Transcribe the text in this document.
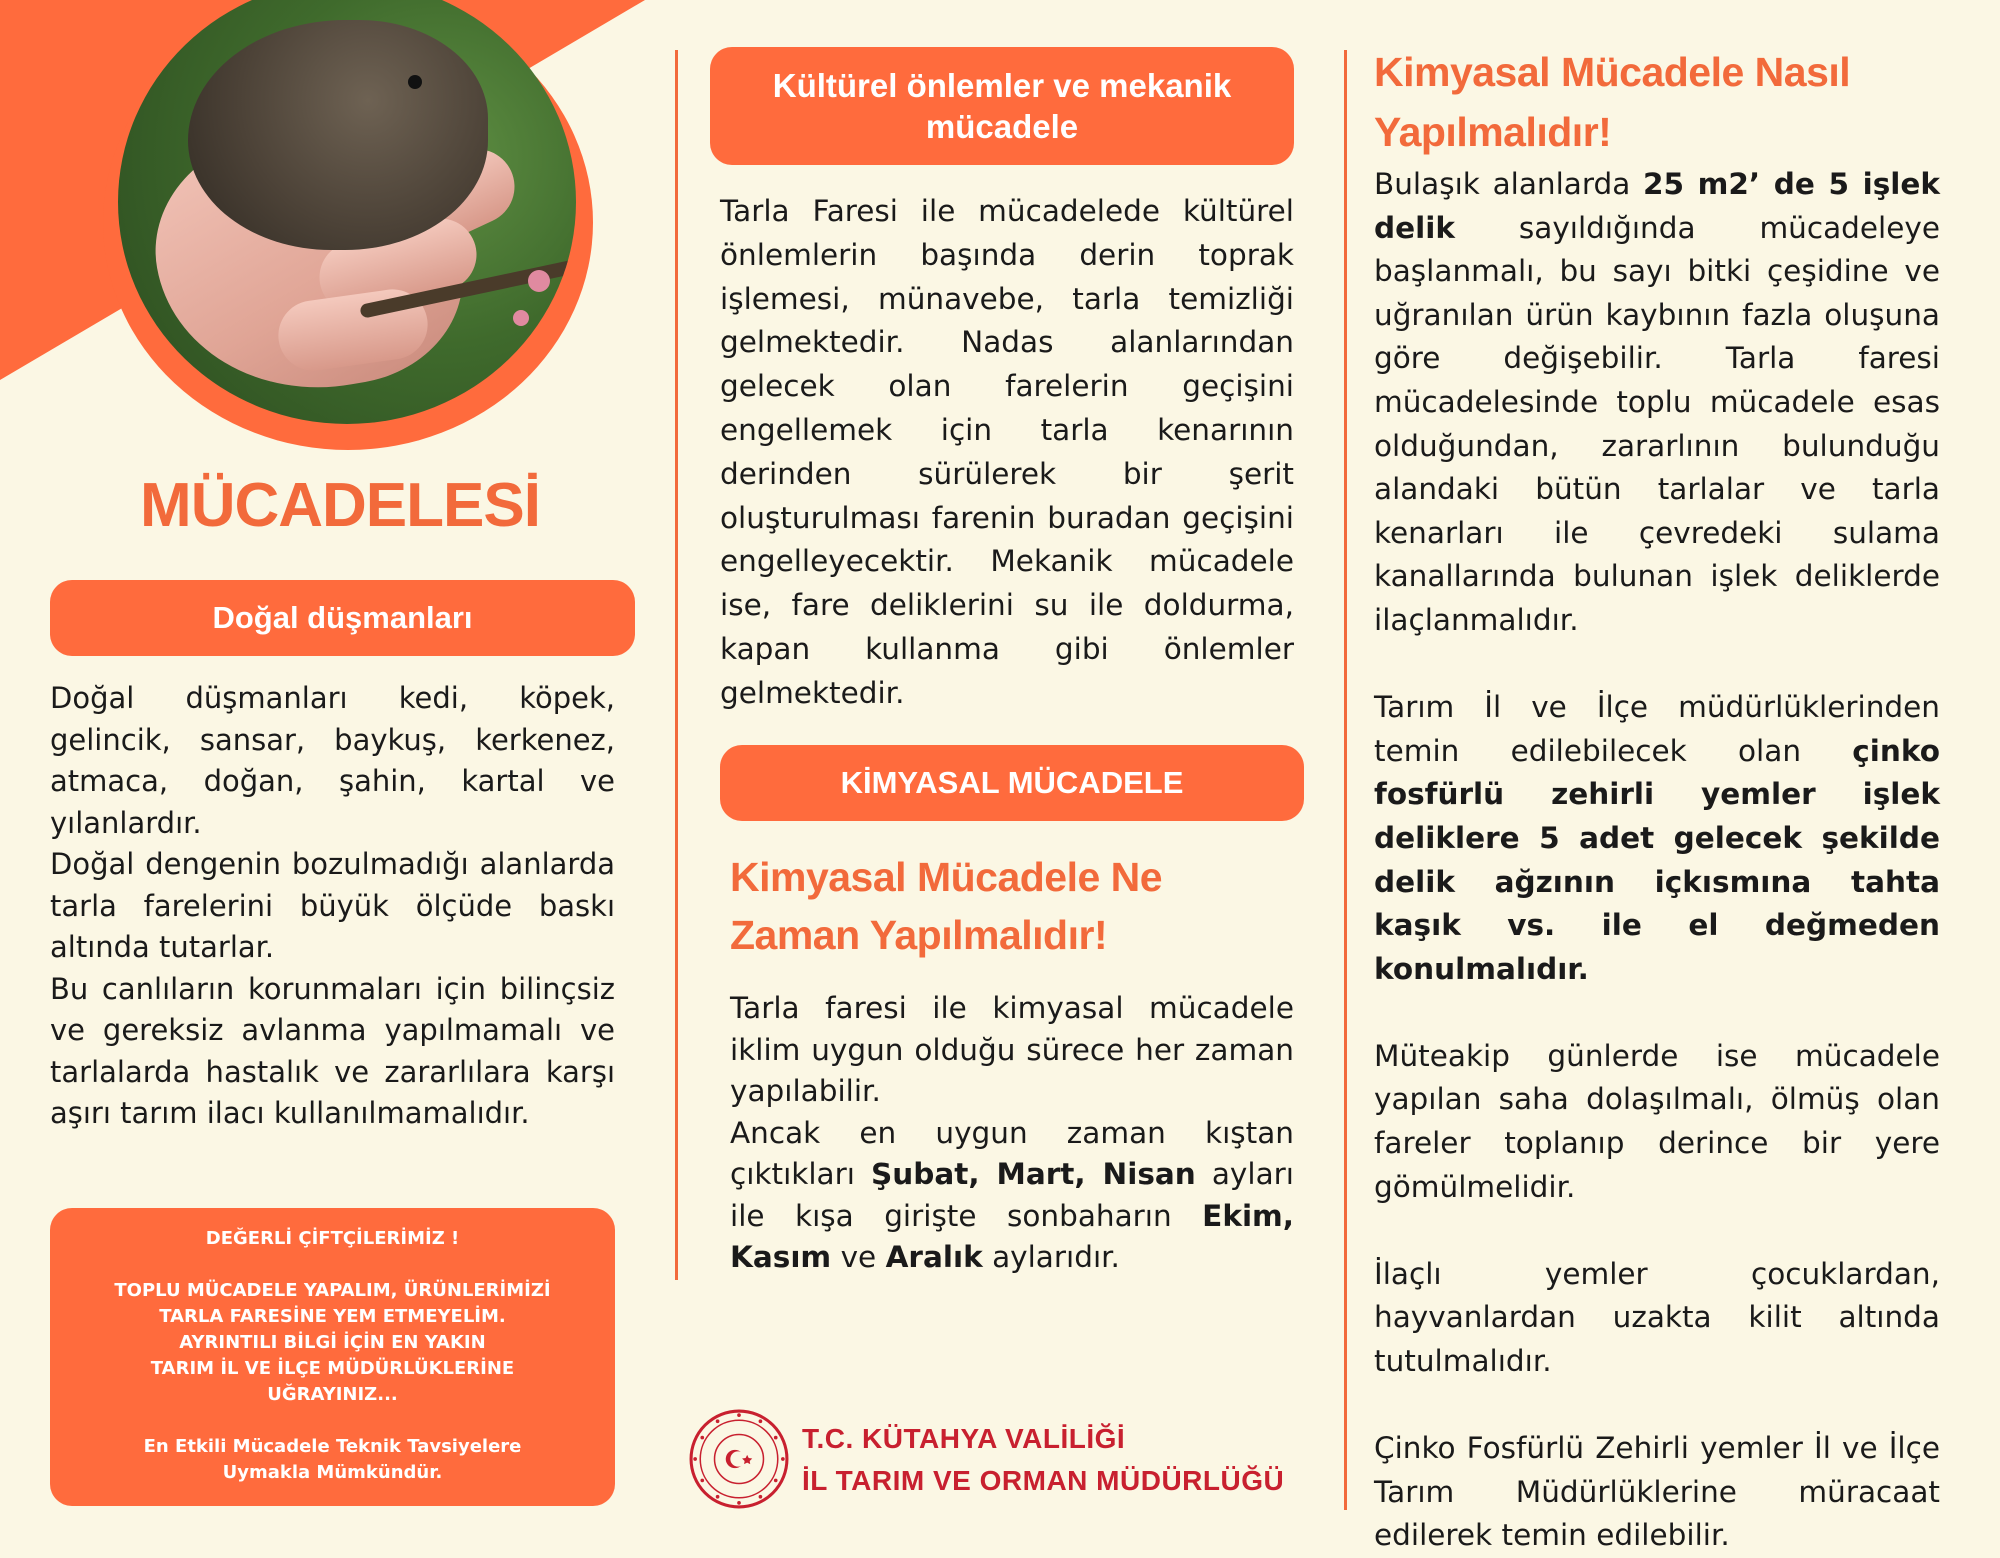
MÜCADELESİ
Doğal düşmanları

Doğal düşmanları kedi, köpek, gelincik, sansar, baykuş, kerkenez, atmaca, doğan, şahin, kartal ve yılanlardır.

Doğal dengenin bozulmadığı alanlarda tarla farelerini büyük ölçüde baskı altında tutarlar.

Bu canlıların korunmaları için bilinçsiz ve gereksiz avlanma yapılmamalı ve tarlalarda hastalık ve zararlılara karşı aşırı tarım ilacı kullanılmamalıdır.

DEĞERLİ ÇİFTÇİLERİMİZ !
TOPLU MÜCADELE YAPALIM, ÜRÜNLERİMİZİ
TARLA FARESİNE YEM ETMEYELİM.
AYRINTILI BİLGİ İÇİN EN YAKIN
TARIM İL VE İLÇE MÜDÜRLÜKLERİNE
UĞRAYINIZ...
En Etkili Mücadele Teknik Tavsiyelere
Uymakla Mümkündür.
Kültürel önlemler ve mekanik mücadele

Tarla Faresi ile mücadelede kültürel önlemlerin başında derin toprak işlemesi, münavebe, tarla temizliği gelmektedir. Nadas alanlarından gelecek olan farelerin geçişini engellemek için tarla kenarının derinden sürülerek bir şerit oluşturulması farenin buradan geçişini engelleyecektir. Mekanik mücadele ise, fare deliklerini su ile doldurma, kapan kullanma gibi önlemler gelmektedir.

KİMYASAL MÜCADELE
Kimyasal Mücadele Ne Zaman Yapılmalıdır!

Tarla faresi ile kimyasal mücadele iklim uygun olduğu sürece her zaman yapılabilir.

Ancak en uygun zaman kıştan çıktıkları Şubat, Mart, Nisan ayları ile kışa girişte sonbaharın Ekim, Kasım ve Aralık aylarıdır.

T.C. KÜTAHYA VALİLİĞİ
İL TARIM VE ORMAN MÜDÜRLÜĞÜ
Kimyasal Mücadele Nasıl Yapılmalıdır!

Bulaşık alanlarda 25 m2’ de 5 işlek delik sayıldığında mücadeleye başlanmalı, bu sayı bitki çeşidine ve uğranılan ürün kaybının fazla oluşuna göre değişebilir. Tarla faresi mücadelesinde toplu mücadele esas olduğundan, zararlının bulunduğu alandaki bütün tarlalar ve tarla kenarları ile çevredeki sulama kanallarında bulunan işlek deliklerde ilaçlanmalıdır.

Tarım İl ve İlçe müdürlüklerinden temin edilebilecek olan çinko fosfürlü zehirli yemler işlek deliklere 5 adet gelecek şekilde delik ağzının içkısmına tahta kaşık vs. ile el değmeden konulmalıdır.

Müteakip günlerde ise mücadele yapılan saha dolaşılmalı, ölmüş olan fareler toplanıp derince bir yere gömülmelidir.

İlaçlı yemler çocuklardan, hayvanlardan uzakta kilit altında tutulmalıdır.

Çinko Fosfürlü Zehirli yemler İl ve İlçe Tarım Müdürlüklerine müracaat edilerek temin edilebilir.
